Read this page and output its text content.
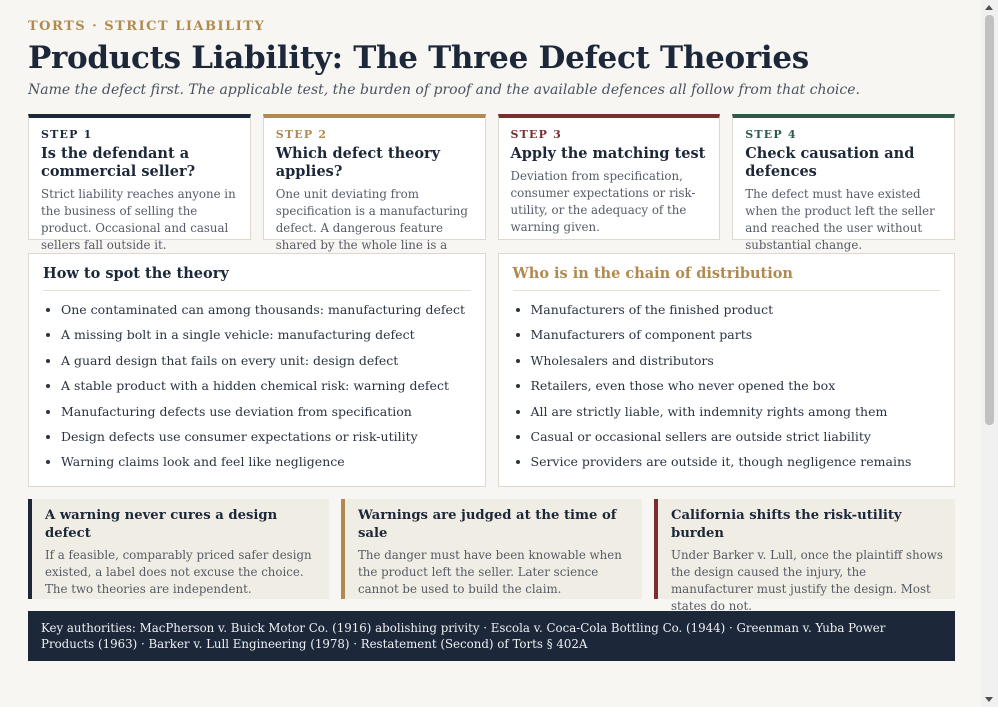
TORTS · STRICT LIABILITY

Products Liability: The Three Defect Theories

Name the defect first. The applicable test, the burden of proof and the available defences all follow from that choice.

STEP 1
Is the defendant a commercial seller?
Strict liability reaches anyone in the business of selling the product. Occasional and casual sellers fall outside it.
STEP 2
Which defect theory applies?
One unit deviating from specification is a manufacturing defect. A dangerous feature shared by the whole line is a
STEP 3
Apply the matching test
Deviation from specification, consumer expectations or risk-utility, or the adequacy of the warning given.
STEP 4
Check causation and defences
The defect must have existed when the product left the seller and reached the user without substantial change.
How to spot the theory
• One contaminated can among thousands: manufacturing defect
• A missing bolt in a single vehicle: manufacturing defect
• A guard design that fails on every unit: design defect
• A stable product with a hidden chemical risk: warning defect
• Manufacturing defects use deviation from specification
• Design defects use consumer expectations or risk-utility
• Warning claims look and feel like negligence
Who is in the chain of distribution
• Manufacturers of the finished product
• Manufacturers of component parts
• Wholesalers and distributors
• Retailers, even those who never opened the box
• All are strictly liable, with indemnity rights among them
• Casual or occasional sellers are outside strict liability
• Service providers are outside it, though negligence remains
A warning never cures a design defect
If a feasible, comparably priced safer design existed, a label does not excuse the choice. The two theories are independent.
Warnings are judged at the time of sale
The danger must have been knowable when the product left the seller. Later science cannot be used to build the claim.
California shifts the risk-utility burden
Under Barker v. Lull, once the plaintiff shows the design caused the injury, the manufacturer must justify the design. Most states do not.
Key authorities: MacPherson v. Buick Motor Co. (1916) abolishing privity · Escola v. Coca-Cola Bottling Co. (1944) · Greenman v. Yuba Power Products (1963) · Barker v. Lull Engineering (1978) · Restatement (Second) of Torts § 402A
